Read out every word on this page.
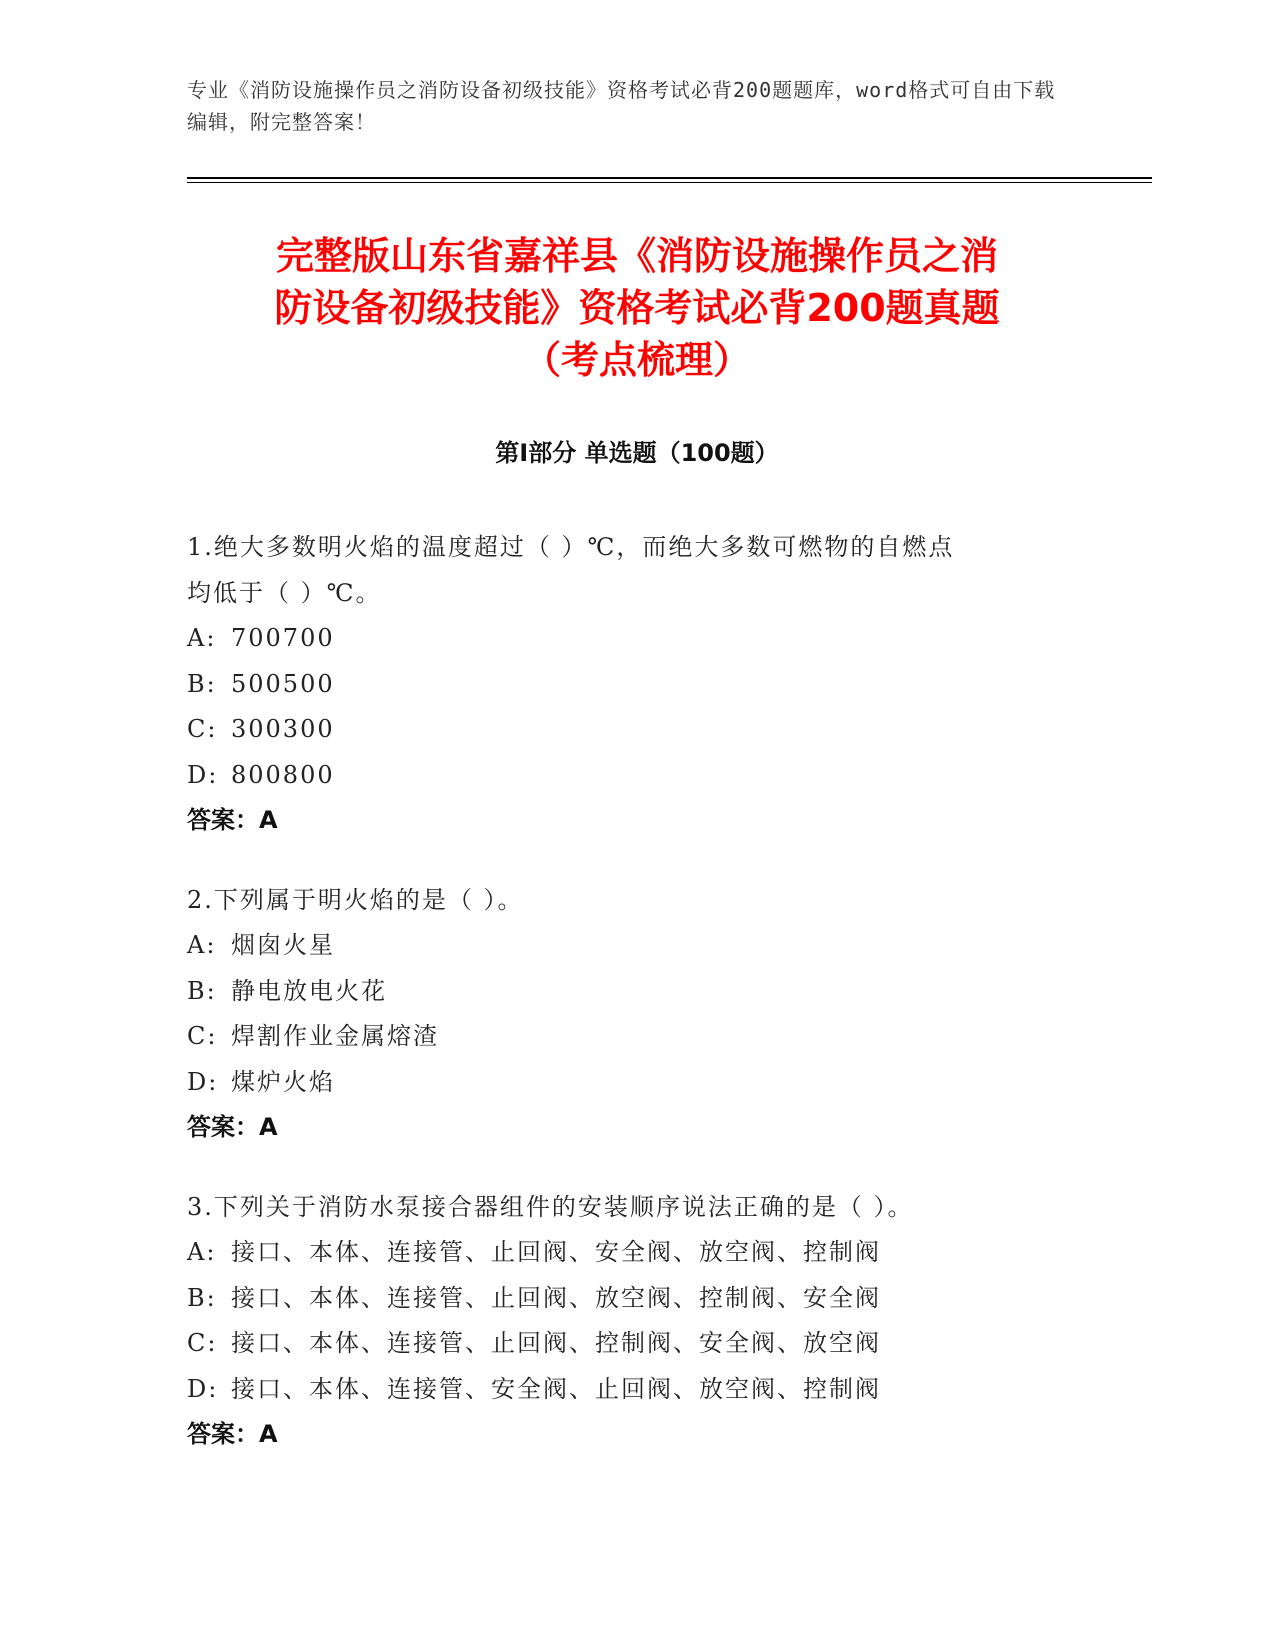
专业《消防设施操作员之消防设备初级技能》资格考试必背200题题库，word格式可自由下载编辑，附完整答案！
完整版山东省嘉祥县《消防设施操作员之消
防设备初级技能》资格考试必背200题真题
（考点梳理）
第Ⅰ部分 单选题（100题）
1.绝大多数明火焰的温度超过（ ）℃，而绝大多数可燃物的自燃点
均低于（ ）℃。
A: 700700
B: 500500
C: 300300
D: 800800
答案：A
2.下列属于明火焰的是（ ）。
A: 烟囱火星
B: 静电放电火花
C: 焊割作业金属熔渣
D: 煤炉火焰
答案：A
3.下列关于消防水泵接合器组件的安装顺序说法正确的是（ ）。
A: 接口、本体、连接管、止回阀、安全阀、放空阀、控制阀
B: 接口、本体、连接管、止回阀、放空阀、控制阀、安全阀
C: 接口、本体、连接管、止回阀、控制阀、安全阀、放空阀
D: 接口、本体、连接管、安全阀、止回阀、放空阀、控制阀
答案：A
